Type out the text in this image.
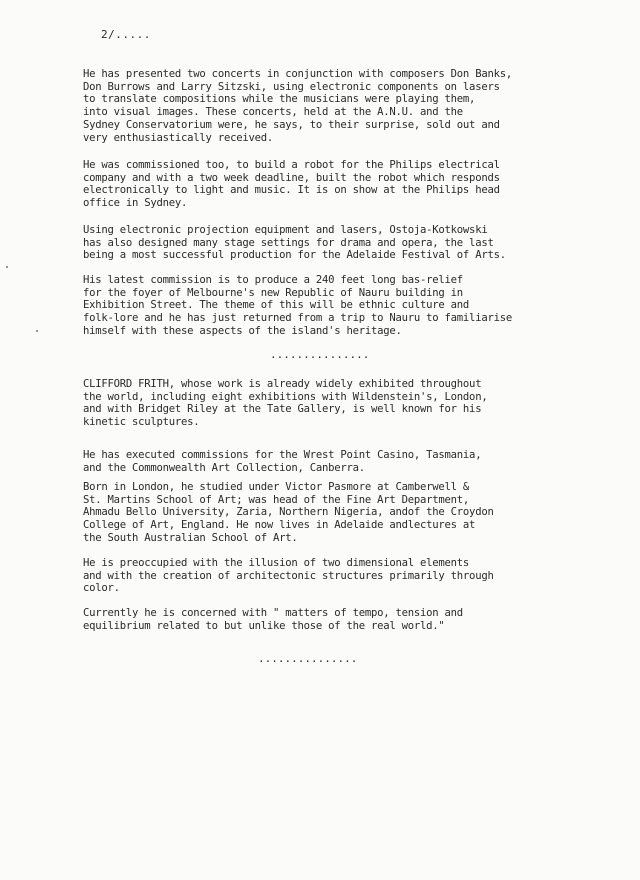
2/.....

He has presented two concerts in conjunction with composers Don Banks,
Don Burrows and Larry Sitzski, using electronic components on lasers
to translate compositions while the musicians were playing them,
into visual images. These concerts, held at the A.N.U. and the
Sydney Conservatorium were, he says, to their surprise, sold out and
very enthusiastically received.

He was commissioned too, to build a robot for the Philips electrical
company and with a two week deadline, built the robot which responds
electronically to light and music. It is on show at the Philips head
office in Sydney.

Using electronic projection equipment and lasers, Ostoja-Kotkowski
has also designed many stage settings for drama and opera, the last
being a most successful production for the Adelaide Festival of Arts.

His latest commission is to produce a 240 feet long bas-relief
for the foyer of Melbourne's new Republic of Nauru building in
Exhibition Street. The theme of this will be ethnic culture and
folk-lore and he has just returned from a trip to Nauru to familiarise
himself with these aspects of the island's heritage.

...............

CLIFFORD FRITH, whose work is already widely exhibited throughout
the world, including eight exhibitions with Wildenstein's, London,
and with Bridget Riley at the Tate Gallery, is well known for his
kinetic sculptures.

He has executed commissions for the Wrest Point Casino, Tasmania,
and the Commonwealth Art Collection, Canberra.

Born in London, he studied under Victor Pasmore at Camberwell &
St. Martins School of Art; was head of the Fine Art Department,
Ahmadu Bello University, Zaria, Northern Nigeria, andof the Croydon
College of Art, England. He now lives in Adelaide andlectures at
the South Australian School of Art.

He is preoccupied with the illusion of two dimensional elements
and with the creation of architectonic structures primarily through
color.

Currently he is concerned with " matters of tempo, tension and
equilibrium related to but unlike those of the real world."

...............
